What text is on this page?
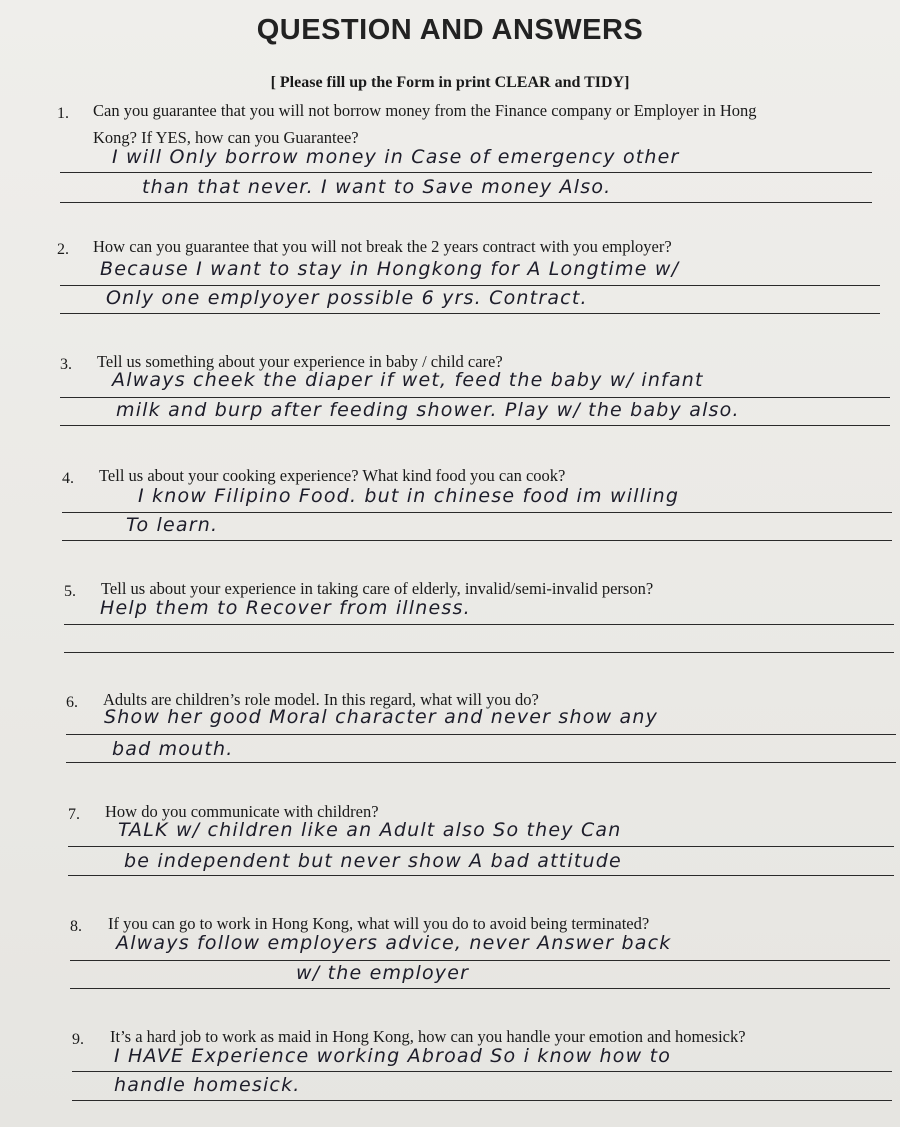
QUESTION AND ANSWERS
[ Please fill up the Form in print CLEAR and TIDY]
1. Can you guarantee that you will not borrow money from the Finance company or Employer in Hong
Kong? If YES, how can you Guarantee?
I will Only borrow money in Case of emergency other
than that never. I want to Save money Also.
2. How can you guarantee that you will not break the 2 years contract with you employer?
Because I want to stay in Hongkong for A Longtime w/
Only one emplyoyer possible 6 yrs. Contract.
3. Tell us something about your experience in baby / child care?
Always cheek the diaper if wet, feed the baby w/ infant
milk and burp after feeding shower. Play w/ the baby also.
4. Tell us about your cooking experience? What kind food you can cook?
I know Filipino Food. but in chinese food im willing
To learn.
5. Tell us about your experience in taking care of elderly, invalid/semi-invalid person?
Help them to Recover from illness.
6. Adults are children’s role model. In this regard, what will you do?
Show her good Moral character and never show any
bad mouth.
7. How do you communicate with children?
TALK w/ children like an Adult also So they Can
be independent but never show A bad attitude
8. If you can go to work in Hong Kong, what will you do to avoid being terminated?
Always follow employers advice, never Answer back
w/ the employer
9. It’s a hard job to work as maid in Hong Kong, how can you handle your emotion and homesick?
I HAVE Experience working Abroad So i know how to
handle homesick.
